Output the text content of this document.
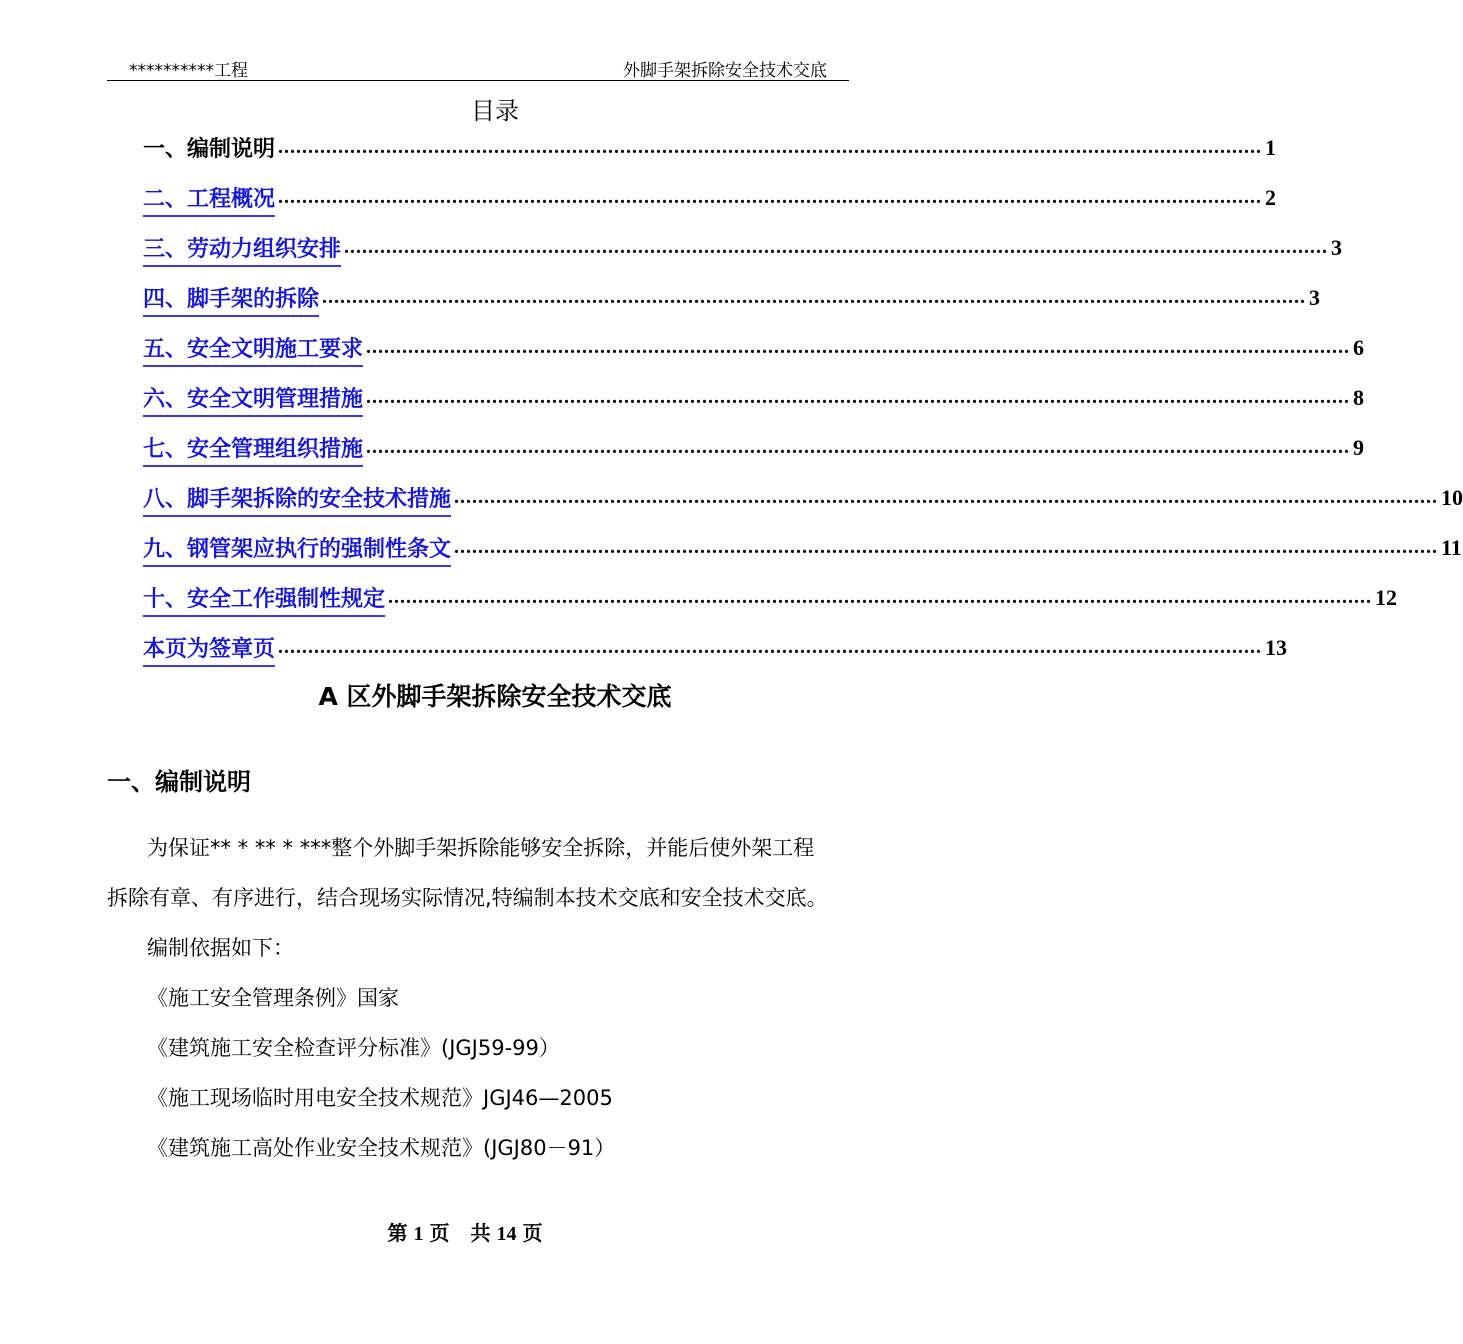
**********工程	外脚手架拆除安全技术交底
目录
一、编制说明 .................................................................................................................................................................... 1
二、工程概况 .................................................................................................................................................................... 2
三、劳动力组织安排 .................................................................................................................................................................... 3
四、脚手架的拆除 .................................................................................................................................................................... 3
五、安全文明施工要求 .................................................................................................................................................................... 6
六、安全文明管理措施 .................................................................................................................................................................... 8
七、安全管理组织措施 .................................................................................................................................................................... 9
八、脚手架拆除的安全技术措施 .................................................................................................................................................................... 10
九、钢管架应执行的强制性条文 .................................................................................................................................................................... 11
十、安全工作强制性规定 .................................................................................................................................................................... 12
本页为签章页 .................................................................................................................................................................... 13
A 区外脚手架拆除安全技术交底
一、编制说明
为保证** * ** * ***整个外脚手架拆除能够安全拆除，并能后使外架工程
拆除有章、有序进行，结合现场实际情况,特编制本技术交底和安全技术交底。
编制依据如下：
《施工安全管理条例》国家
《建筑施工安全检查评分标准》(JGJ59-99）
《施工现场临时用电安全技术规范》JGJ46—2005
《建筑施工高处作业安全技术规范》(JGJ80－91）
第 1 页 共 14 页
